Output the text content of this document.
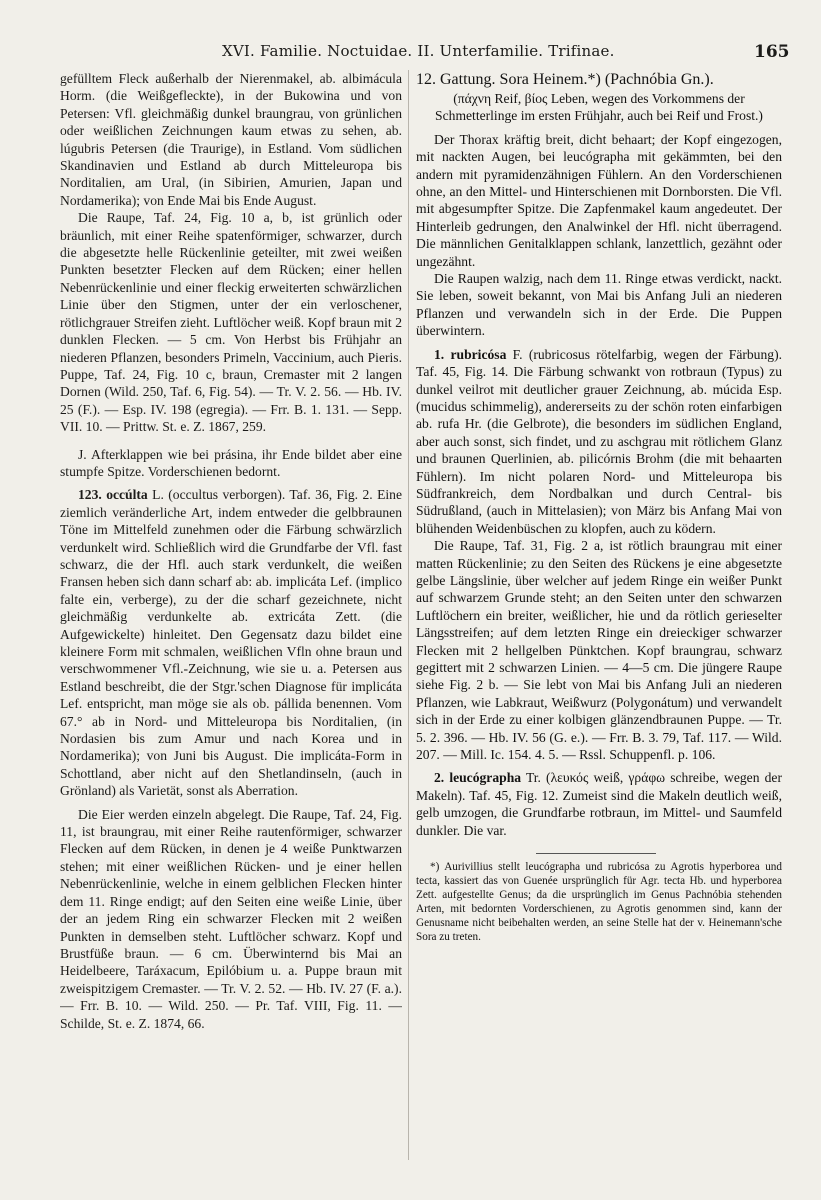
XVI. Familie. Noctuidae. II. Unterfamilie. Trifinae.	165

gefülltem Fleck außerhalb der Nierenmakel, ab. albimácula Horm. (die Weißgefleckte), in der Bukowina und von Petersen: Vfl. gleichmäßig dunkel braungrau, von grünlichen oder weißlichen Zeichnungen kaum etwas zu sehen, ab. lúgubris Petersen (die Traurige), in Estland. Vom südlichen Skandinavien und Estland ab durch Mitteleuropa bis Norditalien, am Ural, (in Sibirien, Amurien, Japan und Nordamerika); von Ende Mai bis Ende August.

Die Raupe, Taf. 24, Fig. 10 a, b, ist grünlich oder bräunlich, mit einer Reihe spatenförmiger, schwarzer, durch die abgesetzte helle Rückenlinie geteilter, mit zwei weißen Punkten besetzter Flecken auf dem Rücken; einer hellen Nebenrückenlinie und einer fleckig erweiterten schwärzlichen Linie über den Stigmen, unter der ein verloschener, rötlichgrauer Streifen zieht. Luftlöcher weiß. Kopf braun mit 2 dunklen Flecken. — 5 cm. Von Herbst bis Frühjahr an niederen Pflanzen, besonders Primeln, Vaccinium, auch Pieris. Puppe, Taf. 24, Fig. 10 c, braun, Cremaster mit 2 langen Dornen (Wild. 250, Taf. 6, Fig. 54). — Tr. V. 2. 56. — Hb. IV. 25 (F.). — Esp. IV. 198 (egregia). — Frr. B. 1. 131. — Sepp. VII. 10. — Prittw. St. e. Z. 1867, 259.

J. Afterklappen wie bei prásina, ihr Ende bildet aber eine stumpfe Spitze. Vorderschienen bedornt.

123. occúlta L. (occultus verborgen). Taf. 36, Fig. 2. Eine ziemlich veränderliche Art, indem entweder die gelbbraunen Töne im Mittelfeld zunehmen oder die Färbung schwärzlich verdunkelt wird. Schließlich wird die Grundfarbe der Vfl. fast schwarz, die der Hfl. auch stark verdunkelt, die weißen Fransen heben sich dann scharf ab: ab. implicáta Lef. (implico falte ein, verberge), zu der die scharf gezeichnete, nicht gleichmäßig verdunkelte ab. extricáta Zett. (die Aufgewickelte) hinleitet. Den Gegensatz dazu bildet eine kleinere Form mit schmalen, weißlichen Vfln ohne braun und verschwommener Vfl.-Zeichnung, wie sie u. a. Petersen aus Estland beschreibt, die der Stgr.'schen Diagnose für implicáta Lef. entspricht, man möge sie als ob. pállida benennen. Vom 67.° ab in Nord- und Mitteleuropa bis Norditalien, (in Nordasien bis zum Amur und nach Korea und in Nordamerika); von Juni bis August. Die implicáta-Form in Schottland, aber nicht auf den Shetlandinseln, (auch in Grönland) als Varietät, sonst als Aberration.

Die Eier werden einzeln abgelegt. Die Raupe, Taf. 24, Fig. 11, ist braungrau, mit einer Reihe rautenförmiger, schwarzer Flecken auf dem Rücken, in denen je 4 weiße Punktwarzen stehen; mit einer weißlichen Rücken- und je einer hellen Nebenrückenlinie, welche in einem gelblichen Flecken hinter dem 11. Ringe endigt; auf den Seiten eine weiße Linie, über der an jedem Ring ein schwarzer Flecken mit 2 weißen Punkten in demselben steht. Luftlöcher schwarz. Kopf und Brustfüße braun. — 6 cm. Überwinternd bis Mai an Heidelbeere, Taráxacum, Epilóbium u. a. Puppe braun mit zweispitzigem Cremaster. — Tr. V. 2. 52. — Hb. IV. 27 (F. a.). — Frr. B. 10. — Wild. 250. — Pr. Taf. VIII, Fig. 11. — Schilde, St. e. Z. 1874, 66.

12. Gattung. Sora Heinem.*) (Pachnóbia Gn.).

(πάχνη Reif, βίος Leben, wegen des Vorkommens der Schmetterlinge im ersten Frühjahr, auch bei Reif und Frost.)

Der Thorax kräftig breit, dicht behaart; der Kopf eingezogen, mit nackten Augen, bei leucógrapha mit gekämmten, bei den andern mit pyramidenzähnigen Fühlern. An den Vorderschienen ohne, an den Mittel- und Hinterschienen mit Dornborsten. Die Vfl. mit abgesumpfter Spitze. Die Zapfenmakel kaum angedeutet. Der Hinterleib gedrungen, den Analwinkel der Hfl. nicht überragend. Die männlichen Genitalklappen schlank, lanzettlich, gezähnt oder ungezähnt.

Die Raupen walzig, nach dem 11. Ringe etwas verdickt, nackt. Sie leben, soweit bekannt, von Mai bis Anfang Juli an niederen Pflanzen und verwandeln sich in der Erde. Die Puppen überwintern.

1. rubricósa F. (rubricosus rötelfarbig, wegen der Färbung). Taf. 45, Fig. 14. Die Färbung schwankt von rotbraun (Typus) zu dunkel veilrot mit deutlicher grauer Zeichnung, ab. múcida Esp. (mucidus schimmelig), andererseits zu der schön roten einfarbigen ab. rufa Hr. (die Gelbrote), die besonders im südlichen England, aber auch sonst, sich findet, und zu aschgrau mit rötlichem Glanz und braunen Querlinien, ab. pilicórnis Brohm (die mit behaarten Fühlern). Im nicht polaren Nord- und Mitteleuropa bis Südfrankreich, dem Nordbalkan und durch Central- bis Südrußland, (auch in Mittelasien); von März bis Anfang Mai von blühenden Weidenbüschen zu klopfen, auch zu ködern.

Die Raupe, Taf. 31, Fig. 2 a, ist rötlich braungrau mit einer matten Rückenlinie; zu den Seiten des Rückens je eine abgesetzte gelbe Längslinie, über welcher auf jedem Ringe ein weißer Punkt auf schwarzem Grunde steht; an den Seiten unter den schwarzen Luftlöchern ein breiter, weißlicher, hie und da rötlich gerieselter Längsstreifen; auf dem letzten Ringe ein dreieckiger schwarzer Flecken mit 2 hellgelben Pünktchen. Kopf braungrau, schwarz gegittert mit 2 schwarzen Linien. — 4—5 cm. Die jüngere Raupe siehe Fig. 2 b. — Sie lebt von Mai bis Anfang Juli an niederen Pflanzen, wie Labkraut, Weißwurz (Polygonátum) und verwandelt sich in der Erde zu einer kolbigen glänzendbraunen Puppe. — Tr. 5. 2. 396. — Hb. IV. 56 (G. e.). — Frr. B. 3. 79, Taf. 117. — Wild. 207. — Mill. Ic. 154. 4. 5. — Rssl. Schuppenfl. p. 106.

2. leucógrapha Tr. (λευκός weiß, γράφω schreibe, wegen der Makeln). Taf. 45, Fig. 12. Zumeist sind die Makeln deutlich weiß, gelb umzogen, die Grundfarbe rotbraun, im Mittel- und Saumfeld dunkler. Die var.

*) Aurivillius stellt leucógrapha und rubricósa zu Agrotis hyperborea und tecta, kassiert das von Guenée ursprünglich für Agr. tecta Hb. und hyperborea Zett. aufgestellte Genus; da die ursprünglich im Genus Pachnóbia stehenden Arten, mit bedornten Vorderschienen, zu Agrotis genommen sind, kann der Genusname nicht beibehalten werden, an seine Stelle hat der v. Heinemann'sche Sora zu treten.
